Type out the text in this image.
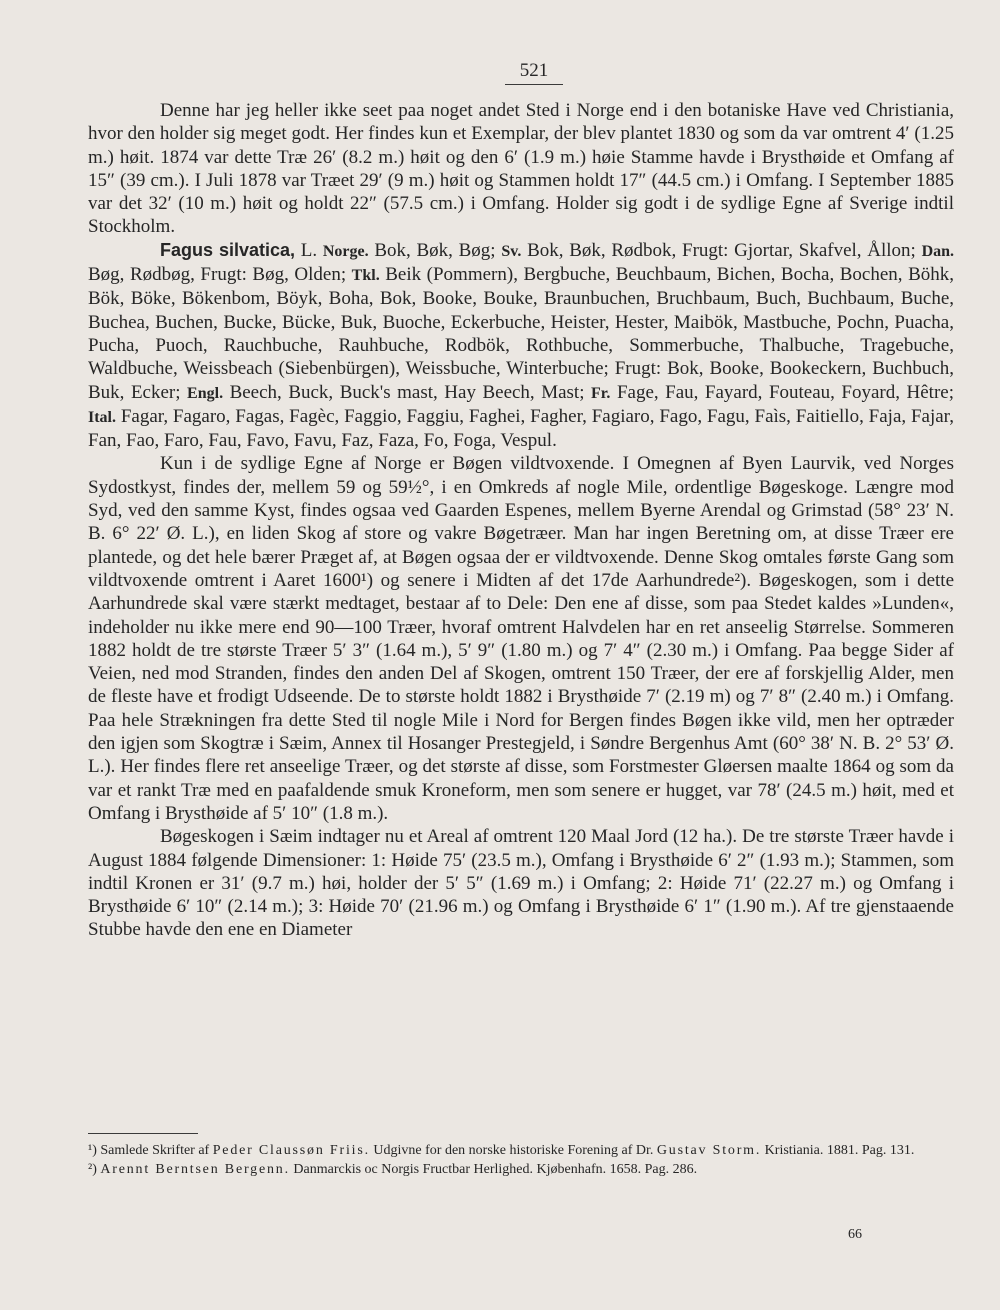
521

Denne har jeg heller ikke seet paa noget andet Sted i Norge end i den botaniske Have ved Christiania, hvor den holder sig meget godt. Her findes kun et Exemplar, der blev plantet 1830 og som da var omtrent 4′ (1.25 m.) høit. 1874 var dette Træ 26′ (8.2 m.) høit og den 6′ (1.9 m.) høie Stamme havde i Brysthøide et Omfang af 15″ (39 cm.). I Juli 1878 var Træet 29′ (9 m.) høit og Stammen holdt 17″ (44.5 cm.) i Omfang. I September 1885 var det 32′ (10 m.) høit og holdt 22″ (57.5 cm.) i Omfang. Holder sig godt i de sydlige Egne af Sverige indtil Stockholm.

Fagus silvatica, L. Norge. Bok, Bøk, Bøg; Sv. Bok, Bøk, Rødbok, Frugt: Gjortar, Skafvel, Ållon; Dan. Bøg, Rødbøg, Frugt: Bøg, Olden; Tkl. Beik (Pommern), Bergbuche, Beuchbaum, Bichen, Bocha, Bochen, Böhk, Bök, Böke, Bökenbom, Böyk, Boha, Bok, Booke, Bouke, Braunbuchen, Bruchbaum, Buch, Buchbaum, Buche, Buchea, Buchen, Bucke, Bücke, Buk, Buoche, Eckerbuche, Heister, Hester, Maibök, Mastbuche, Pochn, Puacha, Pucha, Puoch, Rauchbuche, Rauhbuche, Rodbök, Rothbuche, Sommerbuche, Thalbuche, Tragebuche, Waldbuche, Weissbeach (Siebenbürgen), Weissbuche, Winterbuche; Frugt: Bok, Booke, Bookeckern, Buchbuch, Buk, Ecker; Engl. Beech, Buck, Buck's mast, Hay Beech, Mast; Fr. Fage, Fau, Fayard, Fouteau, Foyard, Hêtre; Ital. Fagar, Fagaro, Fagas, Fagèc, Faggio, Faggiu, Faghei, Fagher, Fagiaro, Fago, Fagu, Faìs, Faitiello, Faja, Fajar, Fan, Fao, Faro, Fau, Favo, Favu, Faz, Faza, Fo, Foga, Vespul.

Kun i de sydlige Egne af Norge er Bøgen vildtvoxende. I Omegnen af Byen Laurvik, ved Norges Sydostkyst, findes der, mellem 59 og 59½°, i en Omkreds af nogle Mile, ordentlige Bøgeskoge. Længre mod Syd, ved den samme Kyst, findes ogsaa ved Gaarden Espenes, mellem Byerne Arendal og Grimstad (58° 23′ N. B. 6° 22′ Ø. L.), en liden Skog af store og vakre Bøgetræer. Man har ingen Beretning om, at disse Træer ere plantede, og det hele bærer Præget af, at Bøgen ogsaa der er vildtvoxende. Denne Skog omtales første Gang som vildtvoxende omtrent i Aaret 1600¹) og senere i Midten af det 17de Aarhundrede²). Bøgeskogen, som i dette Aarhundrede skal være stærkt medtaget, bestaar af to Dele: Den ene af disse, som paa Stedet kaldes »Lunden«, indeholder nu ikke mere end 90—100 Træer, hvoraf omtrent Halvdelen har en ret anseelig Størrelse. Sommeren 1882 holdt de tre største Træer 5′ 3″ (1.64 m.), 5′ 9″ (1.80 m.) og 7′ 4″ (2.30 m.) i Omfang. Paa begge Sider af Veien, ned mod Stranden, findes den anden Del af Skogen, omtrent 150 Træer, der ere af forskjellig Alder, men de fleste have et frodigt Udseende. De to største holdt 1882 i Brysthøide 7′ (2.19 m) og 7′ 8″ (2.40 m.) i Omfang. Paa hele Strækningen fra dette Sted til nogle Mile i Nord for Bergen findes Bøgen ikke vild, men her optræder den igjen som Skogtræ i Sæim, Annex til Hosanger Prestegjeld, i Søndre Bergenhus Amt (60° 38′ N. B. 2° 53′ Ø. L.). Her findes flere ret anseelige Træer, og det største af disse, som Forstmester Gløersen maalte 1864 og som da var et rankt Træ med en paafaldende smuk Kroneform, men som senere er hugget, var 78′ (24.5 m.) høit, med et Omfang i Brysthøide af 5′ 10″ (1.8 m.).

Bøgeskogen i Sæim indtager nu et Areal af omtrent 120 Maal Jord (12 ha.). De tre største Træer havde i August 1884 følgende Dimensioner: 1: Høide 75′ (23.5 m.), Omfang i Brysthøide 6′ 2″ (1.93 m.); Stammen, som indtil Kronen er 31′ (9.7 m.) høi, holder der 5′ 5″ (1.69 m.) i Omfang; 2: Høide 71′ (22.27 m.) og Omfang i Brysthøide 6′ 10″ (2.14 m.); 3: Høide 70′ (21.96 m.) og Omfang i Brysthøide 6′ 1″ (1.90 m.). Af tre gjenstaaende Stubbe havde den ene en Diameter

¹) Samlede Skrifter af Peder Claussøn Friis. Udgivne for den norske historiske Forening af Dr. Gustav Storm. Kristiania. 1881. Pag. 131.

²) Arennt Berntsen Bergenn. Danmarckis oc Norgis Fructbar Herlighed. Kjøbenhafn. 1658. Pag. 286.

66
